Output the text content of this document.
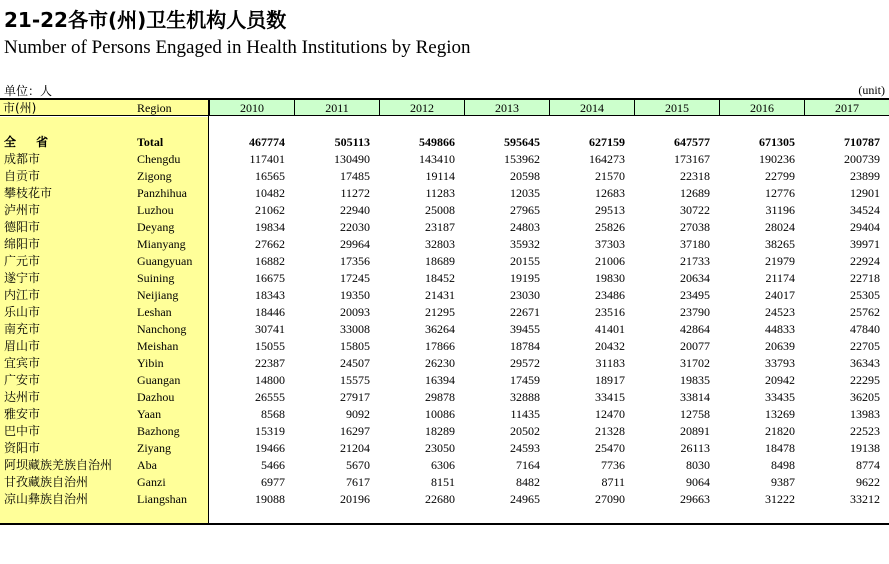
21-22各市(州)卫生机构人员数
Number of Persons Engaged in Health Institutions by Region
单位：人	(unit)
市(州)	Region	2010	2011	2012	2013	2014	2015	2016	2017
全 省	Total	467774	505113	549866	595645	627159	647577	671305	710787
成都市	Chengdu	117401	130490	143410	153962	164273	173167	190236	200739
自贡市	Zigong	16565	17485	19114	20598	21570	22318	22799	23899
攀枝花市	Panzhihua	10482	11272	11283	12035	12683	12689	12776	12901
泸州市	Luzhou	21062	22940	25008	27965	29513	30722	31196	34524
德阳市	Deyang	19834	22030	23187	24803	25826	27038	28024	29404
绵阳市	Mianyang	27662	29964	32803	35932	37303	37180	38265	39971
广元市	Guangyuan	16882	17356	18689	20155	21006	21733	21979	22924
遂宁市	Suining	16675	17245	18452	19195	19830	20634	21174	22718
内江市	Neijiang	18343	19350	21431	23030	23486	23495	24017	25305
乐山市	Leshan	18446	20093	21295	22671	23516	23790	24523	25762
南充市	Nanchong	30741	33008	36264	39455	41401	42864	44833	47840
眉山市	Meishan	15055	15805	17866	18784	20432	20077	20639	22705
宜宾市	Yibin	22387	24507	26230	29572	31183	31702	33793	36343
广安市	Guangan	14800	15575	16394	17459	18917	19835	20942	22295
达州市	Dazhou	26555	27917	29878	32888	33415	33814	33435	36205
雅安市	Yaan	8568	9092	10086	11435	12470	12758	13269	13983
巴中市	Bazhong	15319	16297	18289	20502	21328	20891	21820	22523
资阳市	Ziyang	19466	21204	23050	24593	25470	26113	18478	19138
阿坝藏族羌族自治州 Aba	5466	5670	6306	7164	7736	8030	8498	8774
甘孜藏族自治州	Ganzi	6977	7617	8151	8482	8711	9064	9387	9622
凉山彝族自治州	Liangshan	19088	20196	22680	24965	27090	29663	31222	33212
